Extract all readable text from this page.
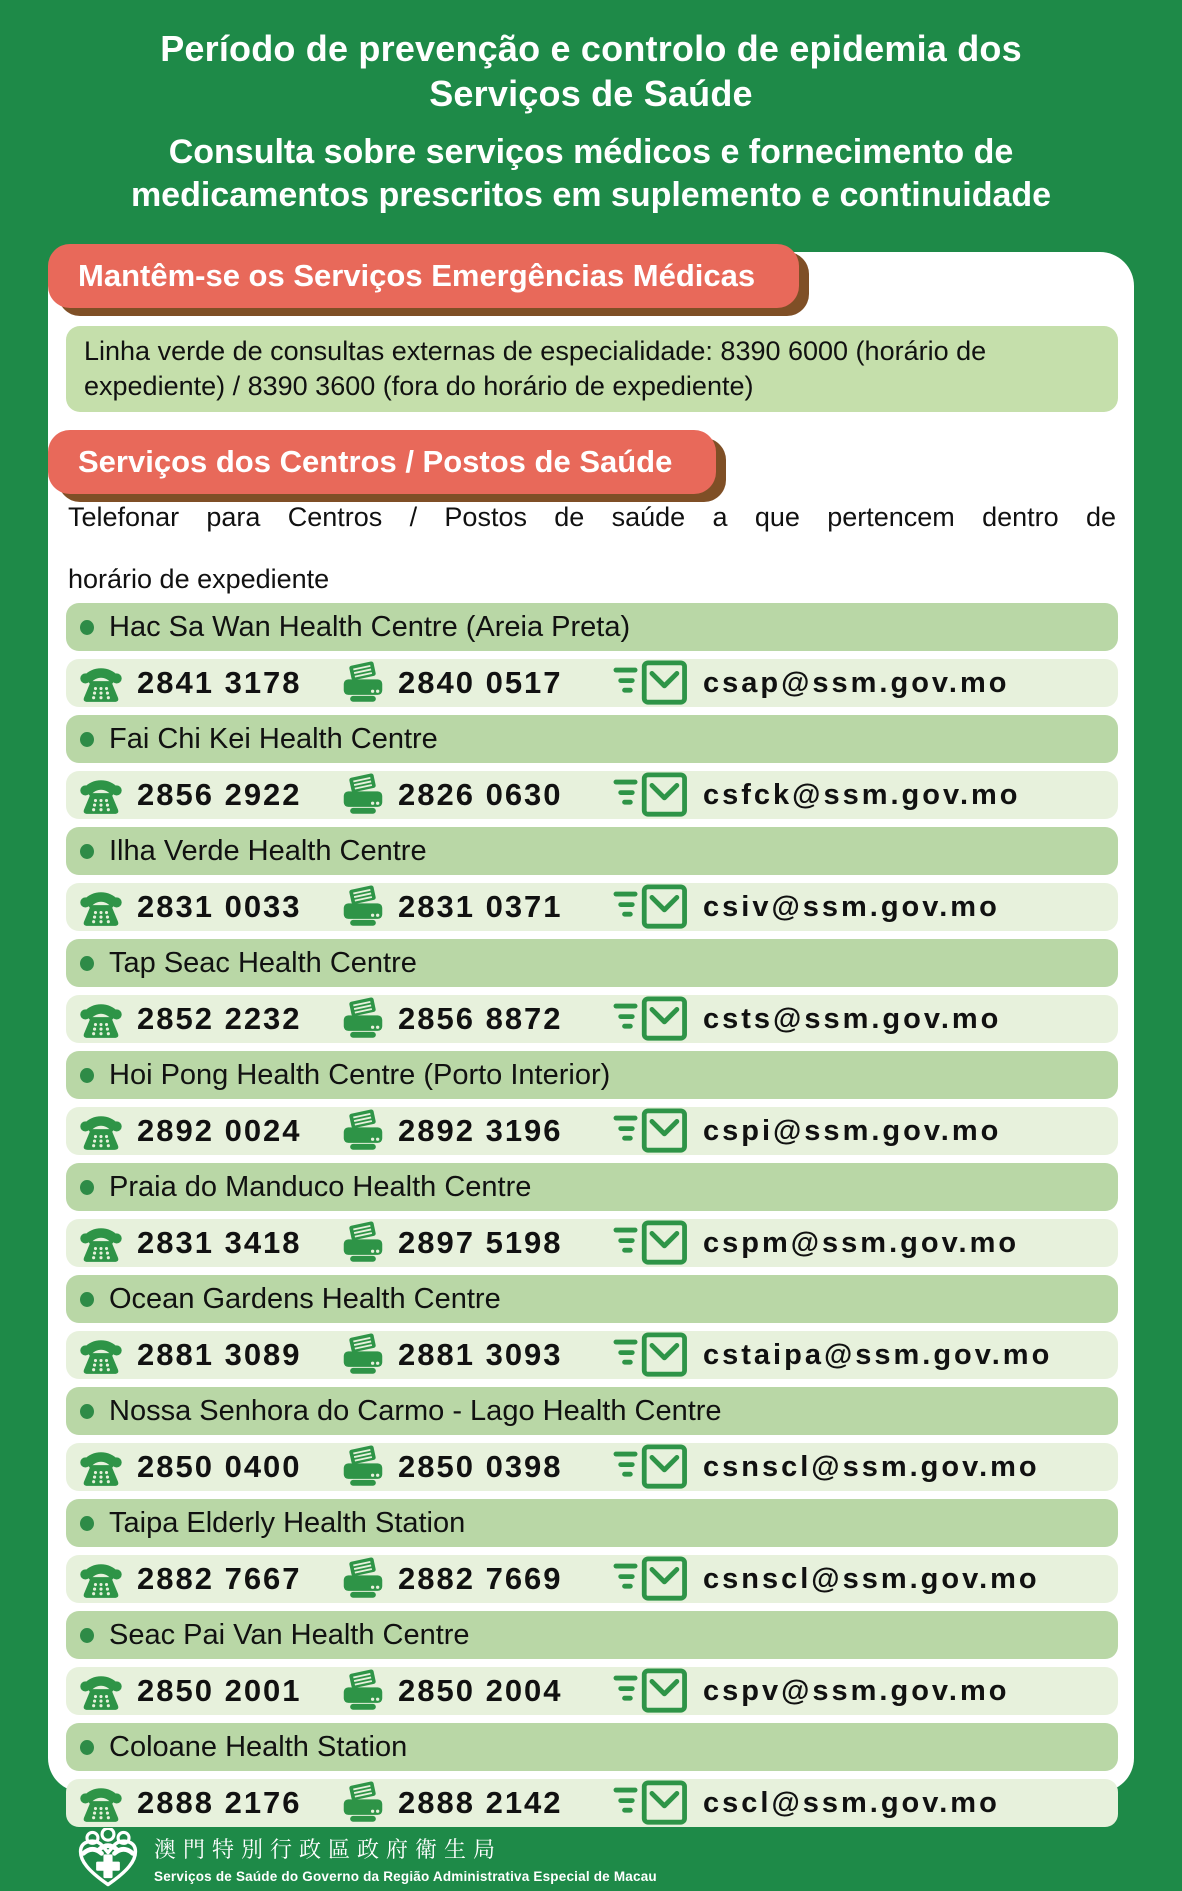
Período de prevenção e controlo de epidemia dos
Serviços de Saúde
Consulta sobre serviços médicos e fornecimento de
medicamentos prescritos em suplemento e continuidade
Mantêm-se os Serviços Emergências Médicas
Linha verde de consultas externas de especialidade: 8390 6000 (horário de expediente) / 8390 3600 (fora do horário de expediente)
Serviços dos Centros / Postos de Saúde
Telefonar para Centros / Postos de saúde a que pertencem dentro de
horário de expediente
Hac Sa Wan Health Centre (Areia Preta)
2841 3178	2840 0517	csap@ssm.gov.mo
Fai Chi Kei Health Centre
2856 2922	2826 0630	csfck@ssm.gov.mo
Ilha Verde Health Centre
2831 0033	2831 0371	csiv@ssm.gov.mo
Tap Seac Health Centre
2852 2232	2856 8872	csts@ssm.gov.mo
Hoi Pong Health Centre (Porto Interior)
2892 0024	2892 3196	cspi@ssm.gov.mo
Praia do Manduco Health Centre
2831 3418	2897 5198	cspm@ssm.gov.mo
Ocean Gardens Health Centre
2881 3089	2881 3093	cstaipa@ssm.gov.mo
Nossa Senhora do Carmo - Lago Health Centre
2850 0400	2850 0398	csnscl@ssm.gov.mo
Taipa Elderly Health Station
2882 7667	2882 7669	csnscl@ssm.gov.mo
Seac Pai Van Health Centre
2850 2001	2850 2004	cspv@ssm.gov.mo
Coloane Health Station
2888 2176	2888 2142	cscl@ssm.gov.mo
澳門特別行政區政府衛生局
Serviços de Saúde do Governo da Região Administrativa Especial de Macau
